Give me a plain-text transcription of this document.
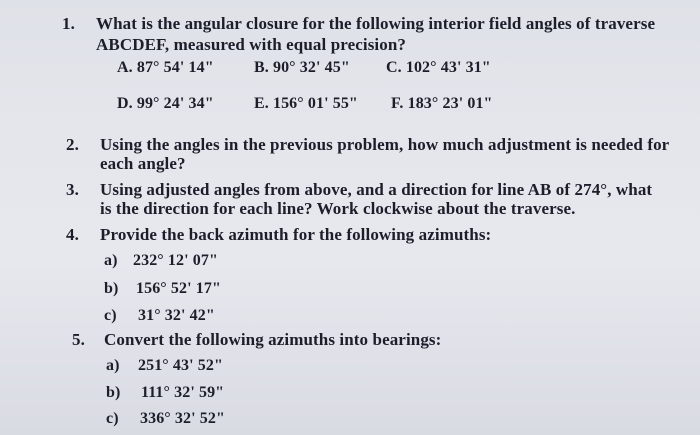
1. What is the angular closure for the following interior field angles of traverse
ABCDEF, measured with equal precision?
A. 87° 54' 14"	B. 90° 32' 45" C. 102° 43' 31"
D. 99° 24' 34"	E. 156° 01' 55" F. 183° 23' 01"
2. Using the angles in the previous problem, how much adjustment is needed for
each angle?
3. Using adjusted angles from above, and a direction for line AB of 274°, what
is the direction for each line? Work clockwise about the traverse.
4. Provide the back azimuth for the following azimuths:
a) 232° 12' 07"
b) 156° 52' 17"
c) 31° 32' 42"
5. Convert the following azimuths into bearings:
a) 251° 43' 52"
b) 111° 32' 59"
c) 336° 32' 52"
